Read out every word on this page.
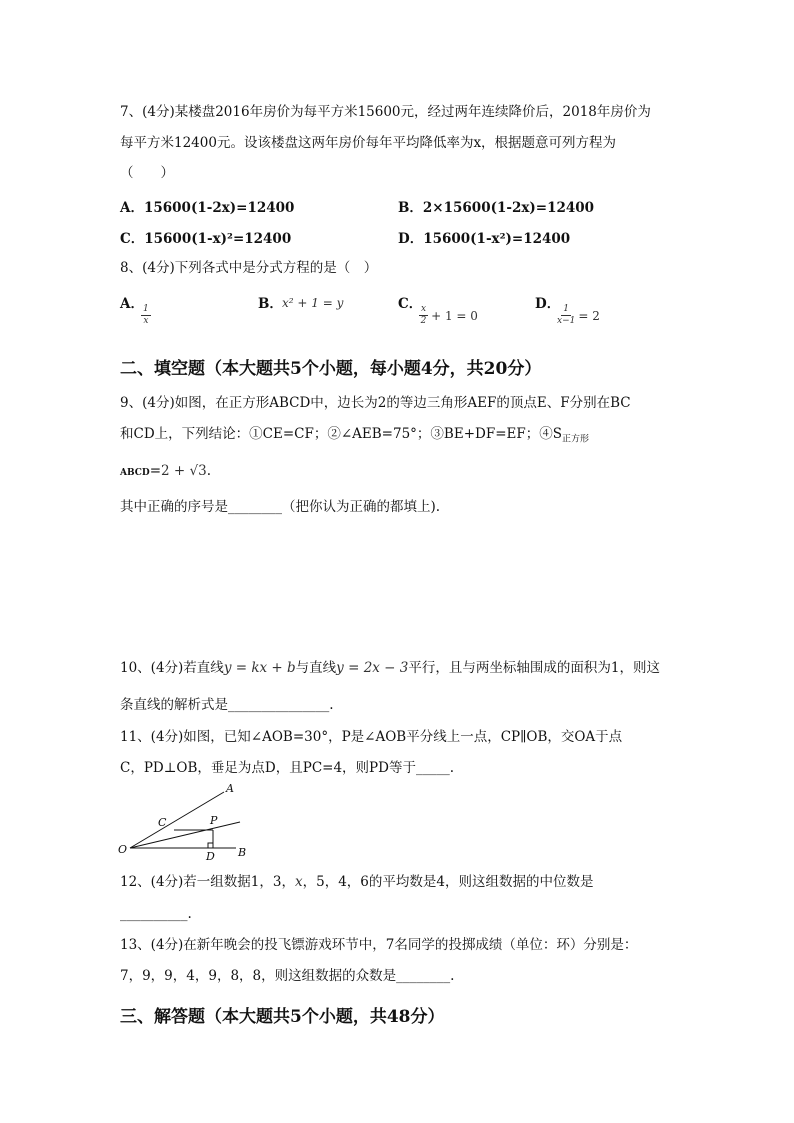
7、(4分)某楼盘2016年房价为每平方米15600元，经过两年连续降价后，2018年房价为
每平方米12400元。设该楼盘这两年房价每年平均降低率为x，根据题意可列方程为
（　　）
A．15600(1-2x)=12400	B．2×15600(1-2x)=12400
C．15600(1-x)²=12400	D．15600(1-x²)=12400
8、(4分)下列各式中是分式方程的是（　）
A．
$\frac{1}{x}$	B． x² + 1 = y	C．
$\frac{x}{2} + 1 = 0$
D．
$\frac{1}{x-1} = 2$
二、填空题（本大题共5个小题，每小题4分，共20分）
9、(4分)如图，在正方形ABCD中，边长为2的等边三角形AEF的顶点E、F分别在BC
和CD上，下列结论：①CE=CF；②∠AEB=75°；③BE+DF=EF；$④S_{正方形}$
ABCD=2 + √3.
其中正确的序号是________（把你认为正确的都填上).
10、(4分)若直线y = kx + b与直线y = 2x − 3平行，且与两坐标轴围成的面积为1，则这
条直线的解析式是_______________.
11、(4分)如图，已知∠AOB=30°，P是∠AOB平分线上一点，CP∥OB，交OA于点
C，PD⊥OB，垂足为点D，且PC=4，则PD等于_____.
A
C	P
O
D B
12、(4分)若一组数据1，3，x，5，4，6的平均数是4，则这组数据的中位数是
__________.
13、(4分)在新年晚会的投飞镖游戏环节中，7名同学的投掷成绩（单位：环）分别是：
7，9，9，4，9，8，8，则这组数据的众数是________.
三、解答题（本大题共5个小题，共48分）
